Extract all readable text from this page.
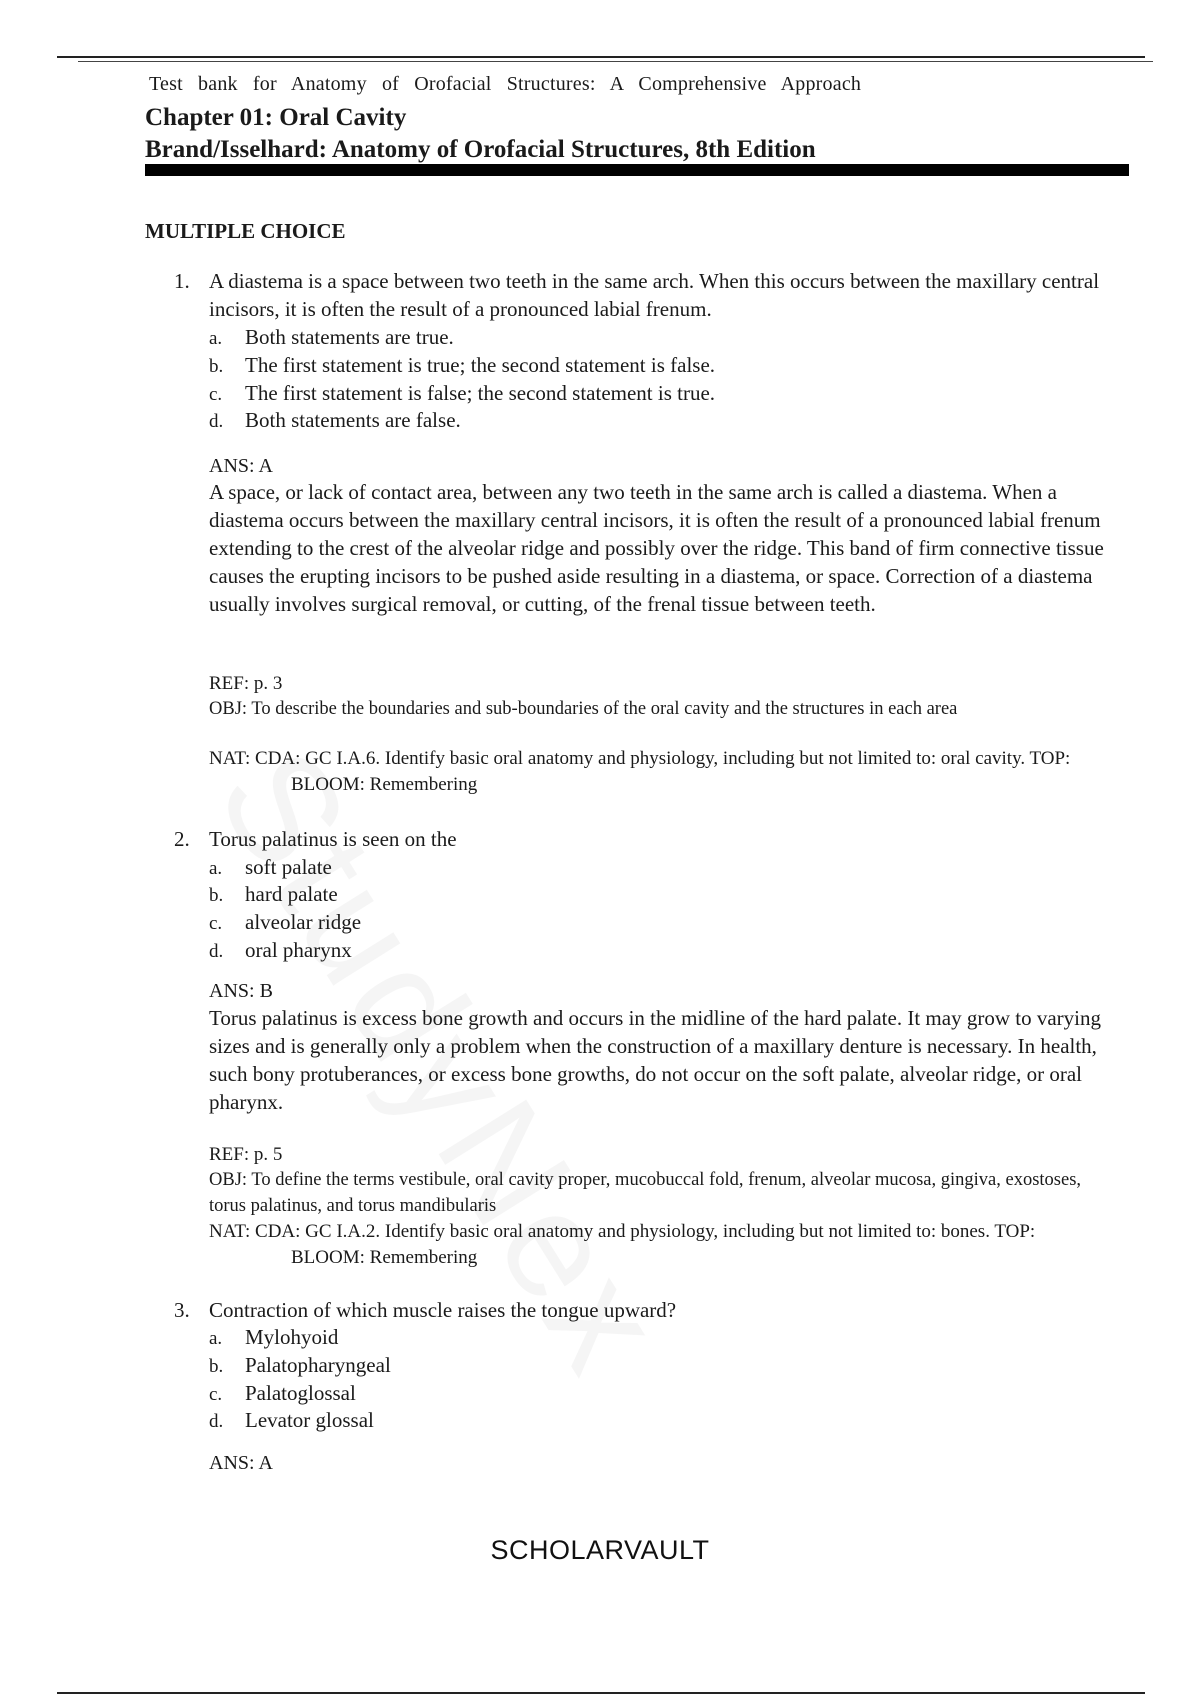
Test bank for Anatomy of Orofacial Structures: A Comprehensive Approach
Chapter 01: Oral Cavity
Brand/Isselhard: Anatomy of Orofacial Structures, 8th Edition
MULTIPLE CHOICE
1. A diastema is a space between two teeth in the same arch. When this occurs between the maxillary central incisors, it is often the result of a pronounced labial frenum.
a. Both statements are true.
b. The first statement is true; the second statement is false.
c. The first statement is false; the second statement is true.
d. Both statements are false.
ANS: A
A space, or lack of contact area, between any two teeth in the same arch is called a diastema. When a diastema occurs between the maxillary central incisors, it is often the result of a pronounced labial frenum extending to the crest of the alveolar ridge and possibly over the ridge. This band of firm connective tissue causes the erupting incisors to be pushed aside resulting in a diastema, or space. Correction of a diastema usually involves surgical removal, or cutting, of the frenal tissue between teeth.
REF: p. 3
OBJ: To describe the boundaries and sub-boundaries of the oral cavity and the structures in each area
NAT: CDA: GC I.A.6. Identify basic oral anatomy and physiology, including but not limited to: oral cavity. TOP:BLOOM: Remembering
2. Torus palatinus is seen on the
a. soft palate
b. hard palate
c. alveolar ridge
d. oral pharynx
ANS: B
Torus palatinus is excess bone growth and occurs in the midline of the hard palate. It may grow to varying sizes and is generally only a problem when the construction of a maxillary denture is necessary. In health, such bony protuberances, or excess bone growths, do not occur on the soft palate, alveolar ridge, or oral pharynx.
REF: p. 5
OBJ: To define the terms vestibule, oral cavity proper, mucobuccal fold, frenum, alveolar mucosa, gingiva, exostoses, torus palatinus, and torus mandibularis
NAT: CDA: GC I.A.2. Identify basic oral anatomy and physiology, including but not limited to: bones. TOP:BLOOM: Remembering
3. Contraction of which muscle raises the tongue upward?
a. Mylohyoid
b. Palatopharyngeal
c. Palatoglossal
d. Levator glossal
ANS: A
SCHOLARVAULT
